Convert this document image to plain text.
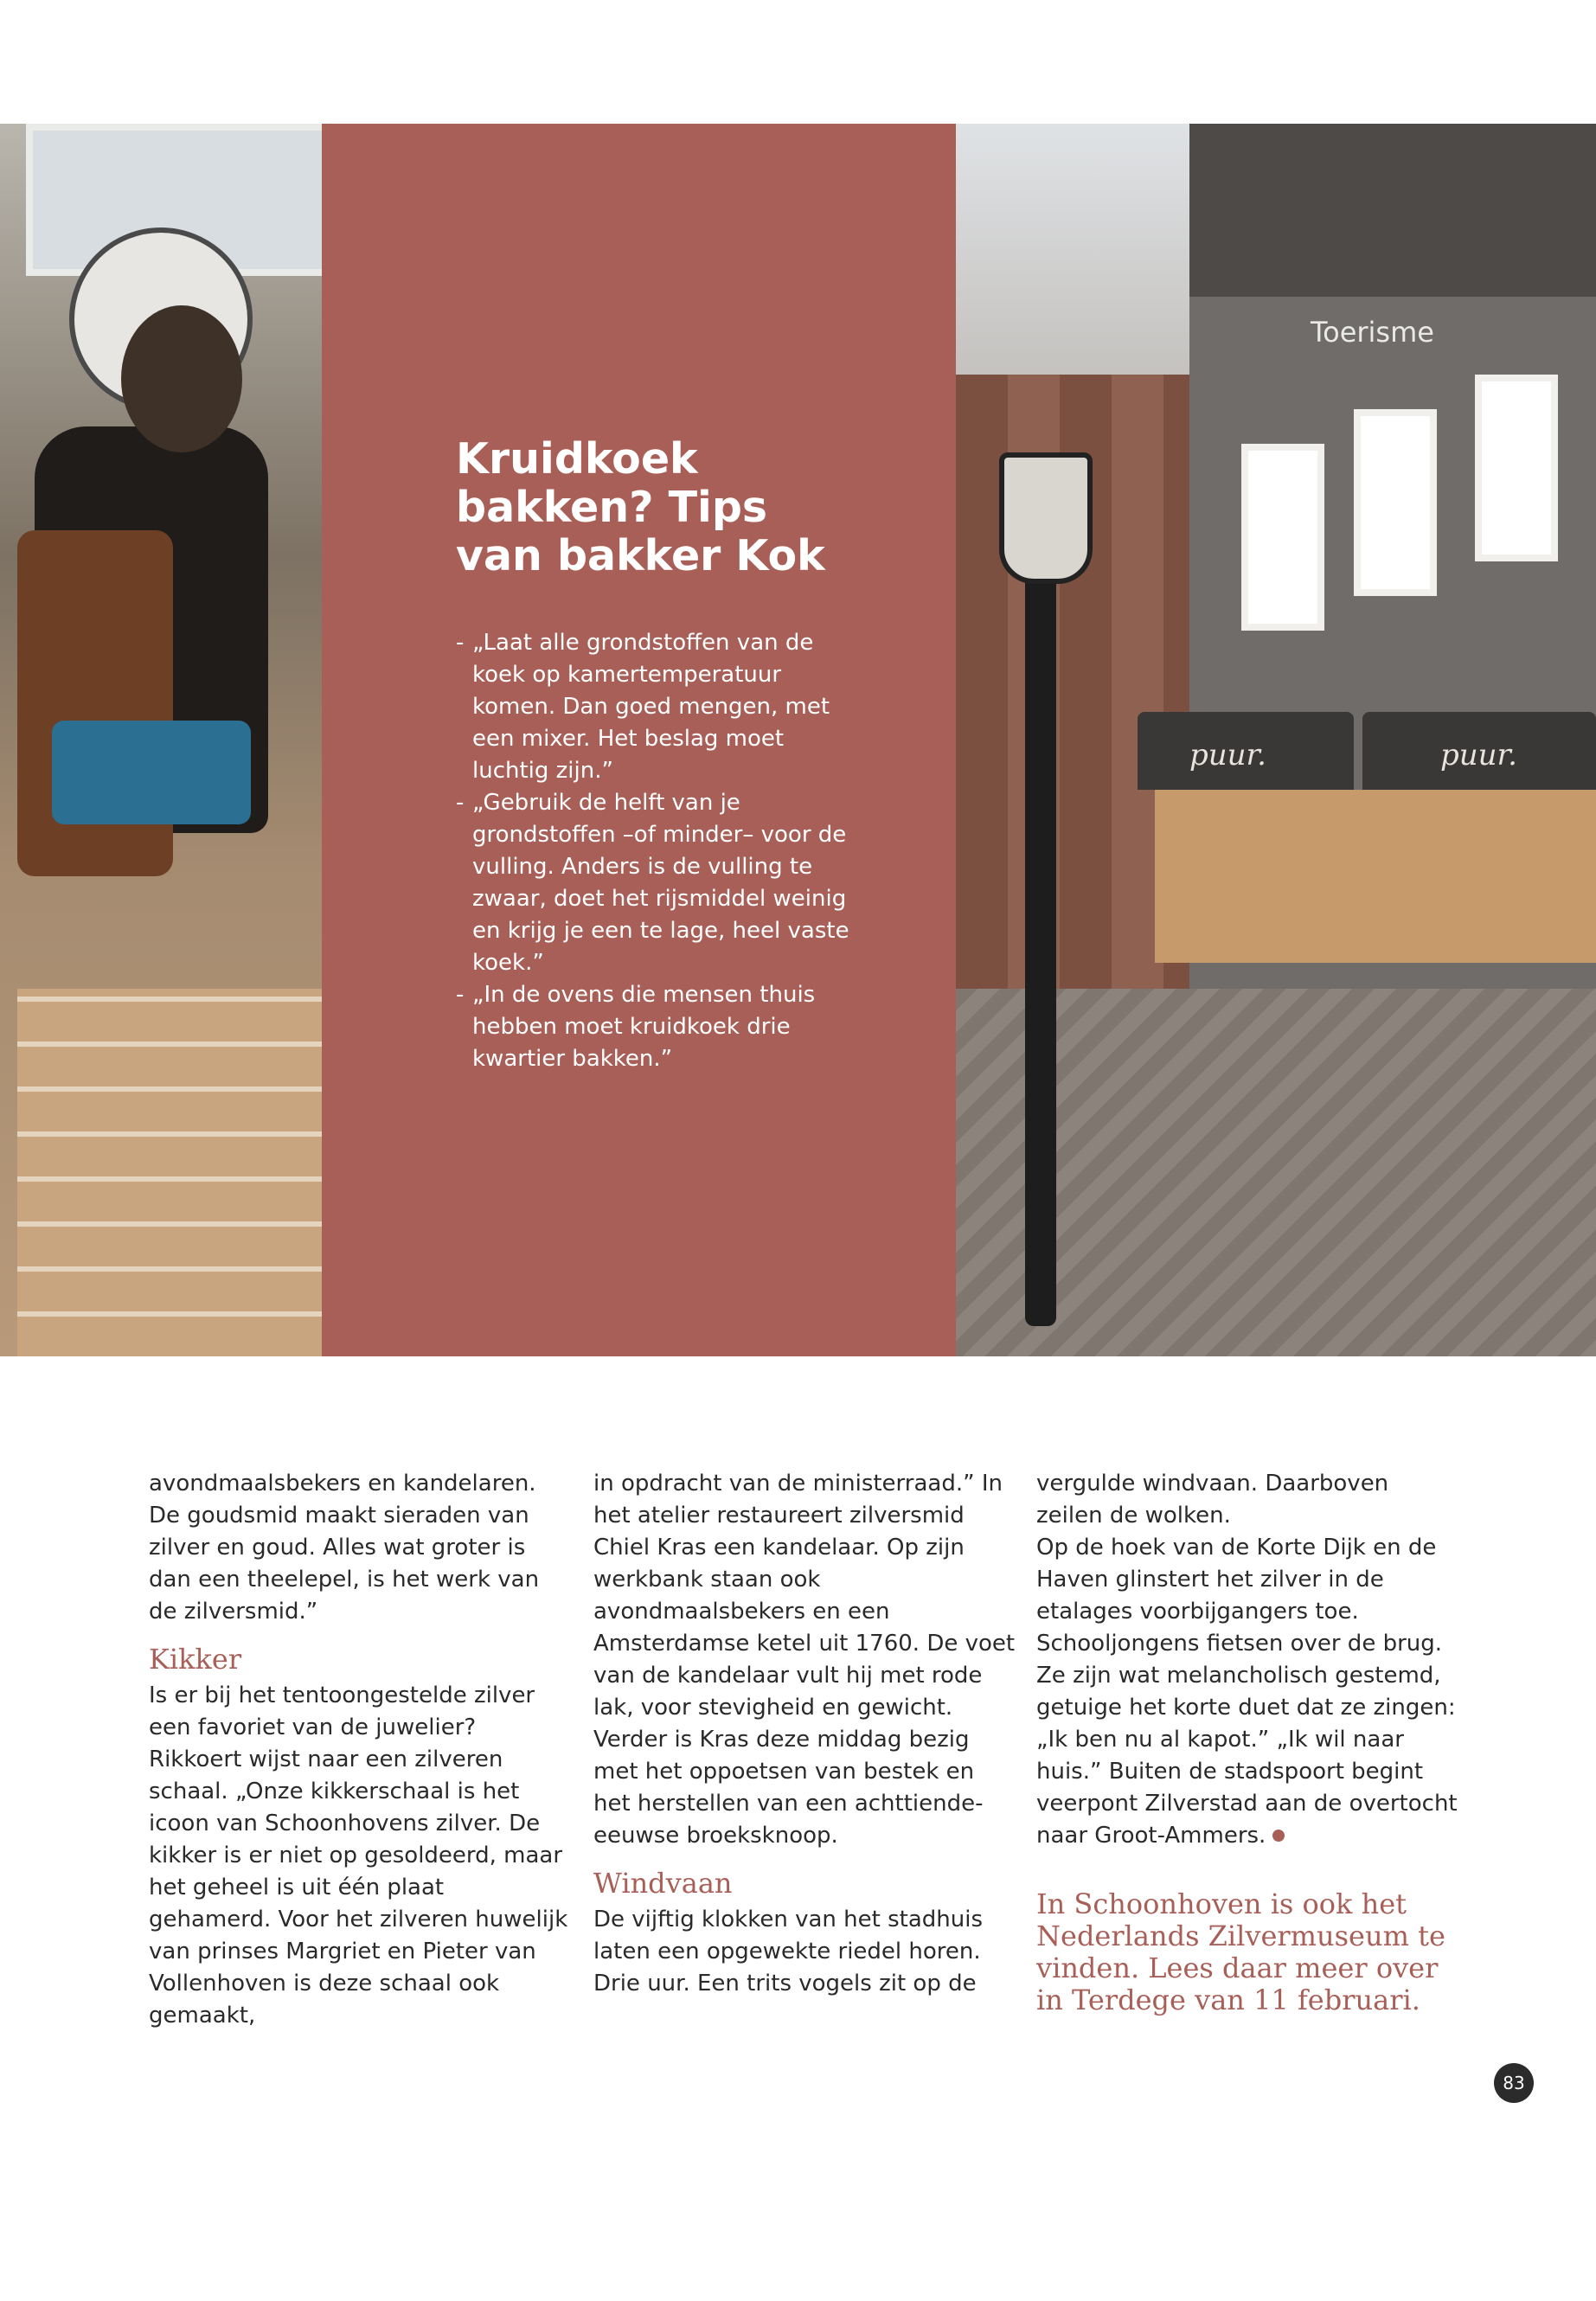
Kruidkoek
bakken? Tips
van bakker Kok
- „Laat alle grondstoffen van de koek op kamertemperatuur komen. Dan goed mengen, met een mixer. Het beslag moet luchtig zijn.”
- „Gebruik de helft van je grondstoffen –of minder– voor de vulling. Anders is de vulling te zwaar, doet het rijsmiddel weinig en krijg je een te lage, heel vaste koek.”
- „In de ovens die mensen thuis hebben moet kruidkoek drie kwartier bakken.”
puur.	puur.
Toerisme

avondmaalsbekers en kandelaren. De goudsmid maakt sieraden van zilver en goud. Alles wat groter is dan een theelepel, is het werk van de zilversmid.”

Kikker

Is er bij het tentoongestelde zilver een favoriet van de juwelier? Rikkoert wijst naar een zilveren schaal. „Onze kikkerschaal is het icoon van Schoonhovens zilver. De kikker is er niet op gesoldeerd, maar het geheel is uit één plaat gehamerd. Voor het zilveren huwelijk van prinses Margriet en Pieter van Vollenhoven is deze schaal ook gemaakt,

in opdracht van de ministerraad.” In het atelier restaureert zilversmid Chiel Kras een kandelaar. Op zijn werkbank staan ook avondmaalsbekers en een Amsterdamse ketel uit 1760. De voet van de kandelaar vult hij met rode lak, voor stevigheid en gewicht. Verder is Kras deze middag bezig met het oppoetsen van bestek en het herstellen van een achttiende-eeuwse broeksknoop.

Windvaan

De vijftig klokken van het stadhuis laten een opgewekte riedel horen. Drie uur. Een trits vogels zit op de

vergulde windvaan. Daarboven zeilen de wolken.

Op de hoek van de Korte Dijk en de Haven glinstert het zilver in de etalages voorbijgangers toe. Schooljongens fietsen over de brug. Ze zijn wat melancholisch gestemd, getuige het korte duet dat ze zingen: „Ik ben nu al kapot.” „Ik wil naar huis.” Buiten de stadspoort begint veerpont Zilverstad aan de overtocht naar Groot-Ammers.

In Schoonhoven is ook het Nederlands Zilvermuseum te vinden. Lees daar meer over in Terdege van 11 februari.
83
